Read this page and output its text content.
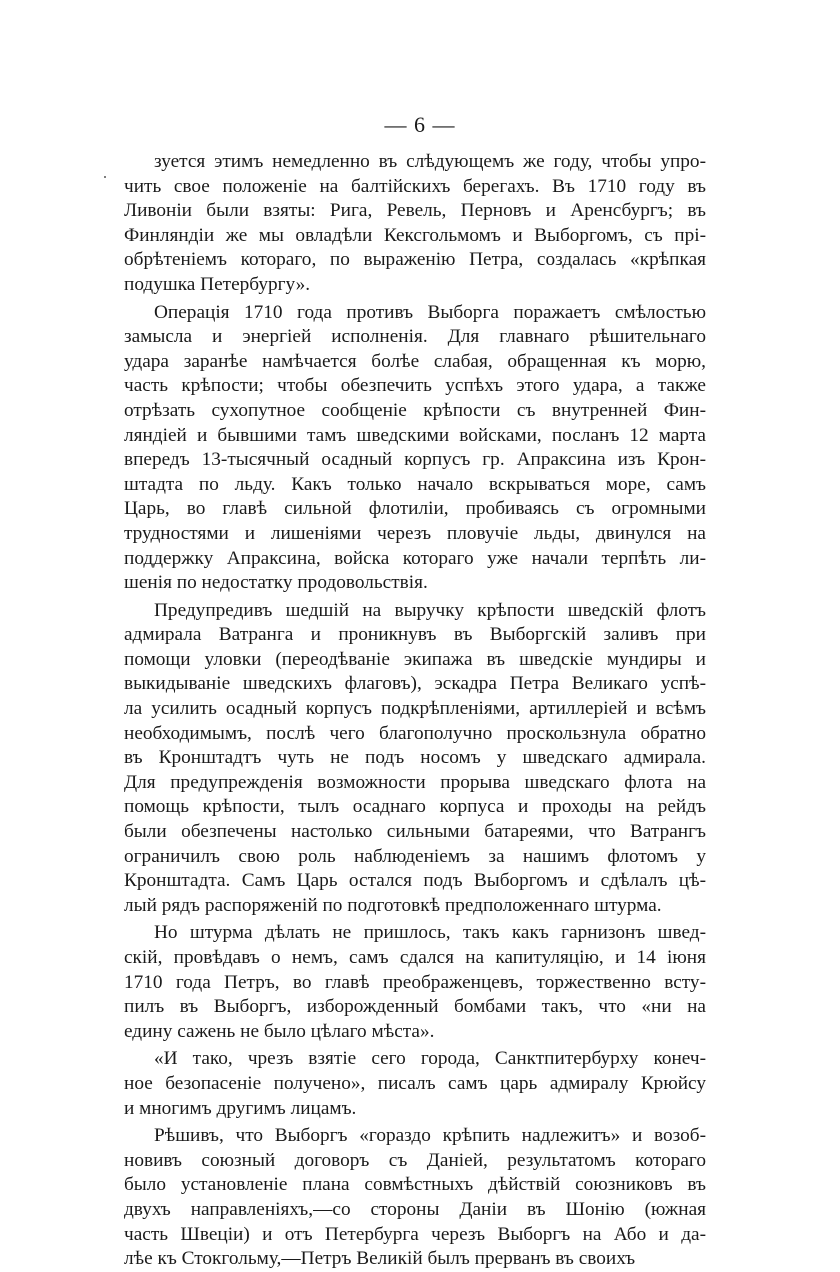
— 6 —
зуется этимъ немедленно въ слѣдующемъ же году, чтобы упро-
чить свое положеніе на балтійскихъ берегахъ. Въ 1710 году въ
Ливоніи были взяты: Рига, Ревель, Перновъ и Аренсбургъ; въ
Финляндіи же мы овладѣли Кексгольмомъ и Выборгомъ, съ прі-
обрѣтеніемъ котораго, по выраженію Петра, создалась «крѣпкая
подушка Петербургу».
Операція 1710 года противъ Выборга поражаетъ смѣлостью
замысла и энергіей исполненія. Для главнаго рѣшительнаго
удара заранѣе намѣчается болѣе слабая, обращенная къ морю,
часть крѣпости; чтобы обезпечить успѣхъ этого удара, а также
отрѣзать сухопутное сообщеніе крѣпости съ внутренней Фин-
ляндіей и бывшими тамъ шведскими войсками, посланъ 12 марта
впередъ 13-тысячный осадный корпусъ гр. Апраксина изъ Крон-
штадта по льду. Какъ только начало вскрываться море, самъ
Царь, во главѣ сильной флотиліи, пробиваясь съ огромными
трудностями и лишеніями черезъ пловучіе льды, двинулся на
поддержку Апраксина, войска котораго уже начали терпѣть ли-
шенія по недостатку продовольствія.
Предупредивъ шедшій на выручку крѣпости шведскій флотъ
адмирала Ватранга и проникнувъ въ Выборгскій заливъ при
помощи уловки (переодѣваніе экипажа въ шведскіе мундиры и
выкидываніе шведскихъ флаговъ), эскадра Петра Великаго успѣ-
ла усилить осадный корпусъ подкрѣпленіями, артиллеріей и всѣмъ
необходимымъ, послѣ чего благополучно проскользнула обратно
въ Кронштадтъ чуть не подъ носомъ у шведскаго адмирала.
Для предупрежденія возможности прорыва шведскаго флота на
помощь крѣпости, тылъ осаднаго корпуса и проходы на рейдъ
были обезпечены настолько сильными батареями, что Ватрангъ
ограничилъ свою роль наблюденіемъ за нашимъ флотомъ у
Кронштадта. Самъ Царь остался подъ Выборгомъ и сдѣлалъ цѣ-
лый рядъ распоряженій по подготовкѣ предположеннаго штурма.
Но штурма дѣлать не пришлось, такъ какъ гарнизонъ швед-
скій, провѣдавъ о немъ, самъ сдался на капитуляцію, и 14 іюня
1710 года Петръ, во главѣ преображенцевъ, торжественно всту-
пилъ въ Выборгъ, изборожденный бомбами такъ, что «ни на
едину сажень не было цѣлаго мѣста».
«И тако, чрезъ взятіе сего города, Санктпитербурху конеч-
ное безопасеніе получено», писалъ самъ царь адмиралу Крюйсу
и многимъ другимъ лицамъ.
Рѣшивъ, что Выборгъ «гораздо крѣпить надлежитъ» и возоб-
новивъ союзный договоръ съ Даніей, результатомъ котораго
было установленіе плана совмѣстныхъ дѣйствій союзниковъ въ
двухъ направленіяхъ,—со стороны Даніи въ Шонію (южная
часть Швеціи) и отъ Петербурга черезъ Выборгъ на Або и да-
лѣе къ Стокгольму,—Петръ Великій былъ прерванъ въ своихъ
